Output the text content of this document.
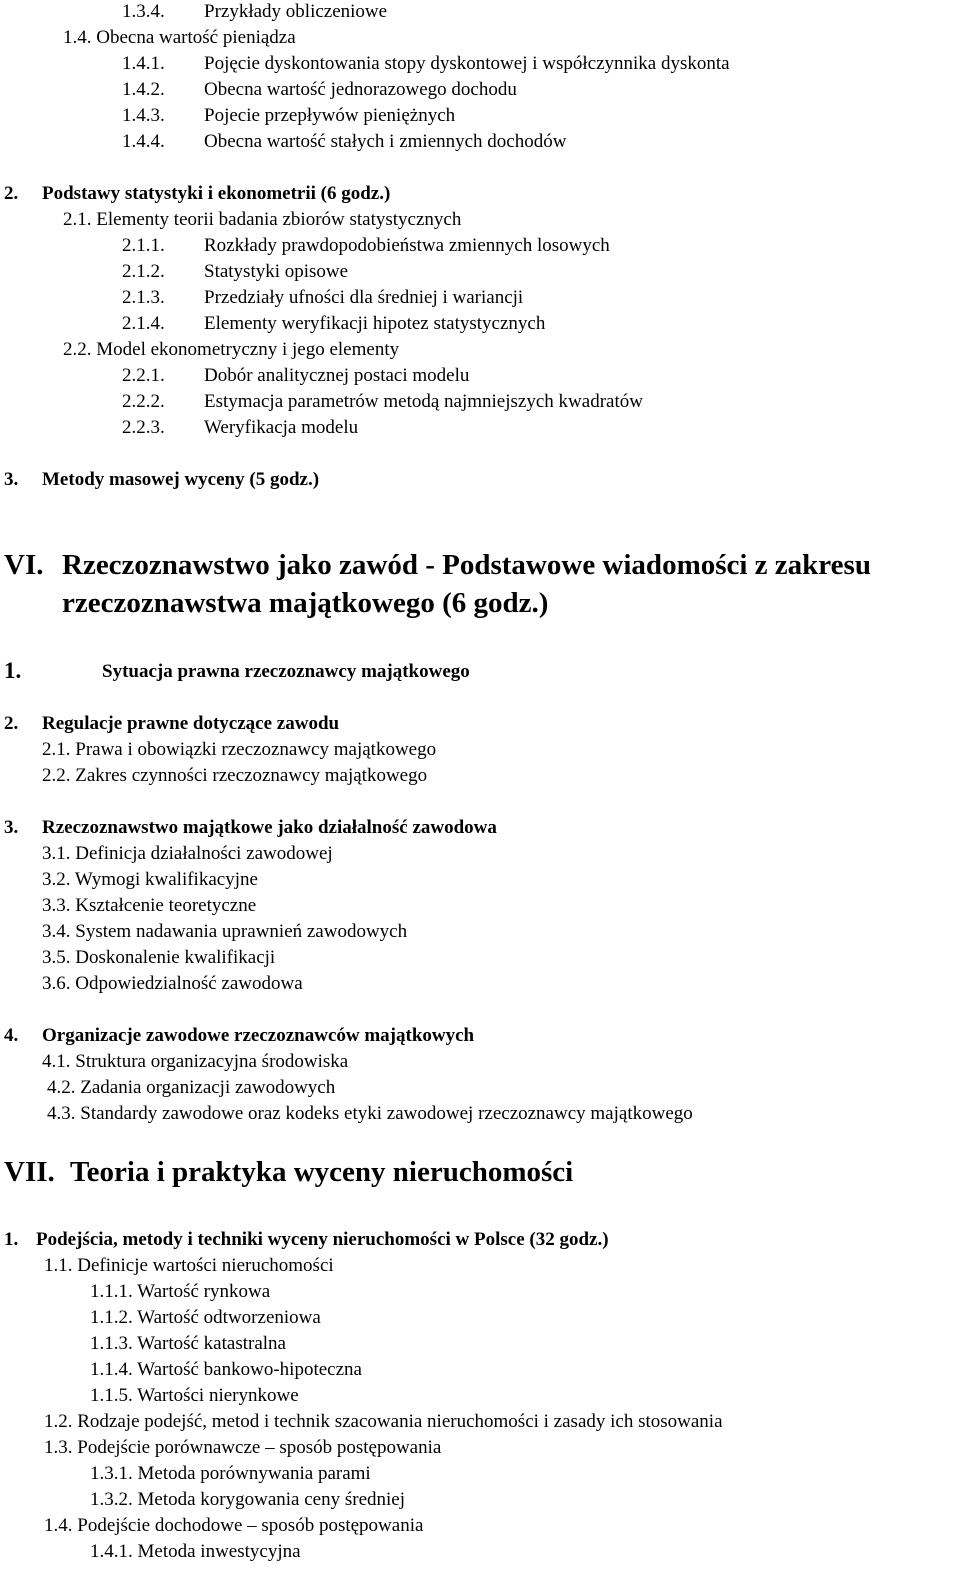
1.3.4. Przykłady obliczeniowe
1.4. Obecna wartość pieniądza
1.4.1. Pojęcie dyskontowania stopy dyskontowej i współczynnika dyskonta
1.4.2. Obecna wartość jednorazowego dochodu
1.4.3. Pojecie przepływów pieniężnych
1.4.4. Obecna wartość stałych i zmiennych dochodów
2. Podstawy statystyki i ekonometrii (6 godz.)
2.1. Elementy teorii badania zbiorów statystycznych
2.1.1. Rozkłady prawdopodobieństwa zmiennych losowych
2.1.2. Statystyki opisowe
2.1.3. Przedziały ufności dla średniej i wariancji
2.1.4. Elementy weryfikacji hipotez statystycznych
2.2. Model ekonometryczny i jego elementy
2.2.1. Dobór analitycznej postaci modelu
2.2.2. Estymacja parametrów metodą najmniejszych kwadratów
2.2.3. Weryfikacja modelu
3. Metody masowej wyceny (5 godz.)
VI. Rzeczoznawstwo jako zawód - Podstawowe wiadomości z zakresu
rzeczoznawstwa majątkowego (6 godz.)
1.	Sytuacja prawna rzeczoznawcy majątkowego
2. Regulacje prawne dotyczące zawodu
2.1. Prawa i obowiązki rzeczoznawcy majątkowego
2.2. Zakres czynności rzeczoznawcy majątkowego
3. Rzeczoznawstwo majątkowe jako działalność zawodowa
3.1. Definicja działalności zawodowej
3.2. Wymogi kwalifikacyjne
3.3. Kształcenie teoretyczne
3.4. System nadawania uprawnień zawodowych
3.5. Doskonalenie kwalifikacji
3.6. Odpowiedzialność zawodowa
4. Organizacje zawodowe rzeczoznawców majątkowych
4.1. Struktura organizacyjna środowiska
4.2. Zadania organizacji zawodowych
4.3. Standardy zawodowe oraz kodeks etyki zawodowej rzeczoznawcy majątkowego
VII. Teoria i praktyka wyceny nieruchomości
1. Podejścia, metody i techniki wyceny nieruchomości w Polsce (32 godz.)
1.1. Definicje wartości nieruchomości
1.1.1. Wartość rynkowa
1.1.2. Wartość odtworzeniowa
1.1.3. Wartość katastralna
1.1.4. Wartość bankowo-hipoteczna
1.1.5. Wartości nierynkowe
1.2. Rodzaje podejść, metod i technik szacowania nieruchomości i zasady ich stosowania
1.3. Podejście porównawcze – sposób postępowania
1.3.1. Metoda porównywania parami
1.3.2. Metoda korygowania ceny średniej
1.4. Podejście dochodowe – sposób postępowania
1.4.1. Metoda inwestycyjna
